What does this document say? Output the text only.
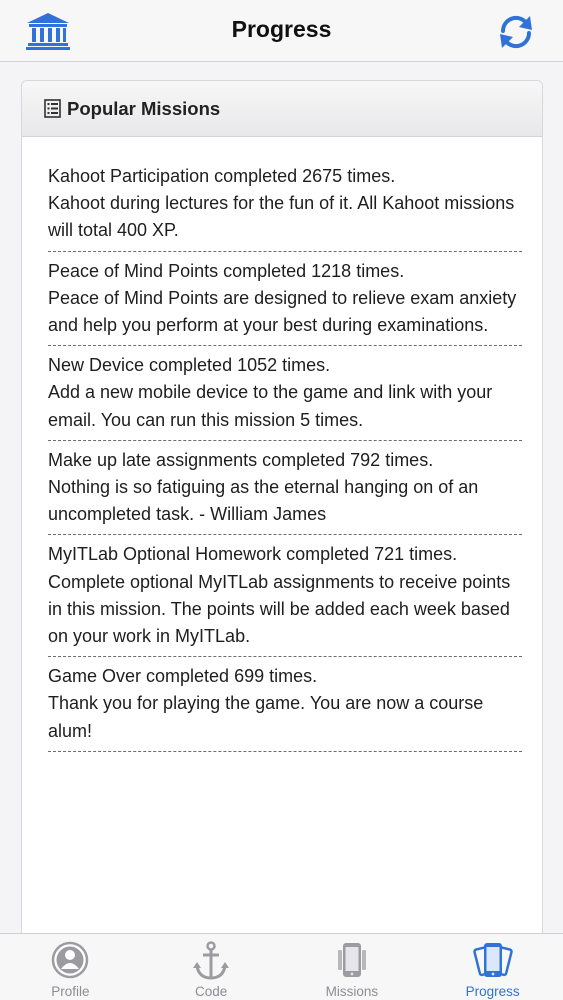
Progress
Popular Missions
Kahoot Participation completed 2675 times.
Kahoot during lectures for the fun of it. All Kahoot missions will total 400 XP.
Peace of Mind Points completed 1218 times.
Peace of Mind Points are designed to relieve exam anxiety and help you perform at your best during examinations.
New Device completed 1052 times.
Add a new mobile device to the game and link with your email. You can run this mission 5 times.
Make up late assignments completed 792 times.
Nothing is so fatiguing as the eternal hanging on of an uncompleted task. - William James
MyITLab Optional Homework completed 721 times.
Complete optional MyITLab assignments to receive points in this mission. The points will be added each week based on your work in MyITLab.
Game Over completed 699 times.
Thank you for playing the game. You are now a course alum!
Profile	Code	Missions	Progress
